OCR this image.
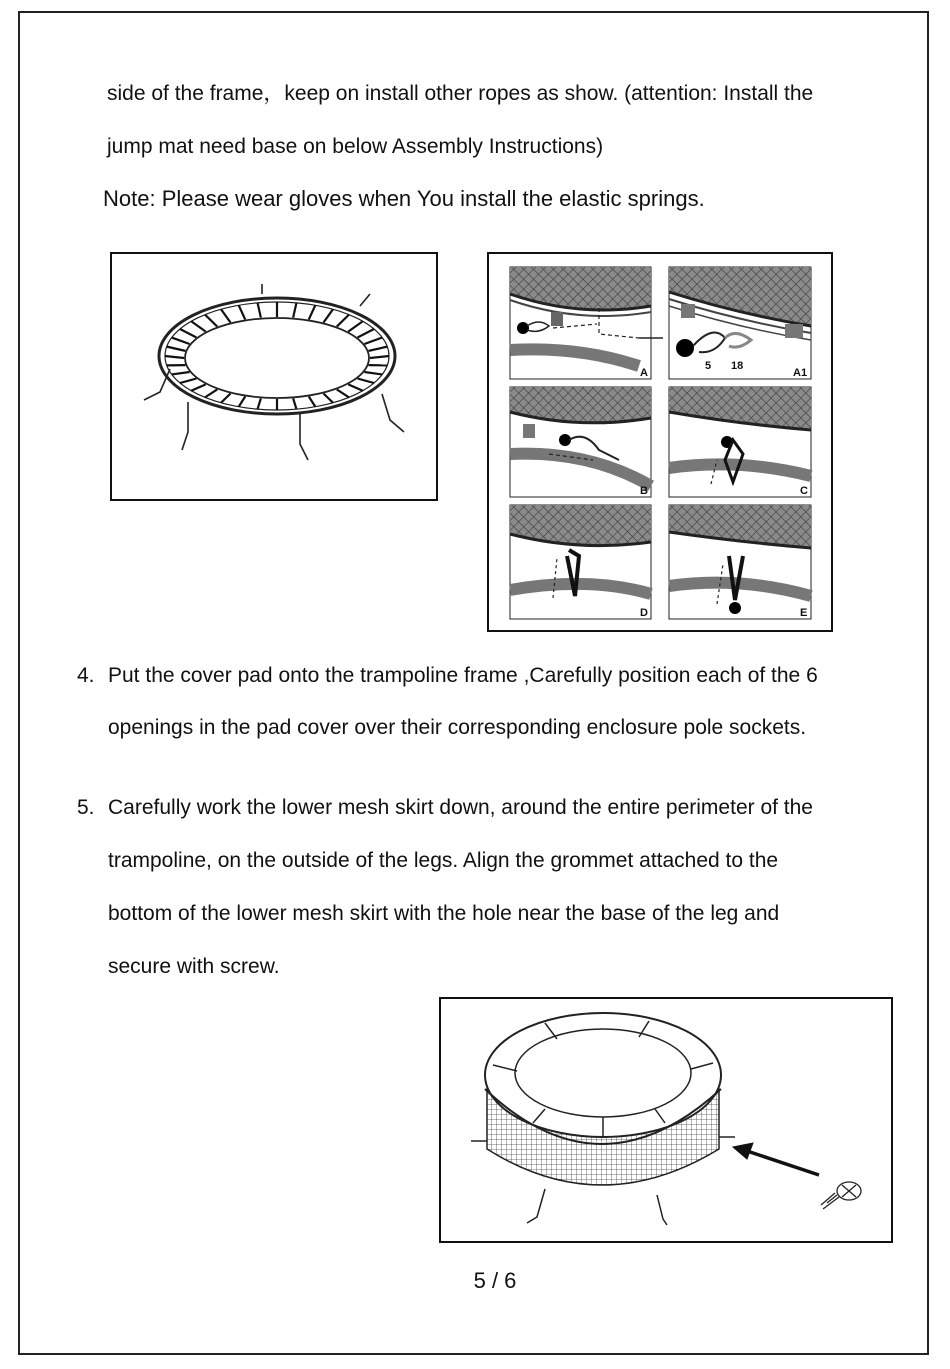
side of the frame，keep on install other ropes as show. (attention: Install the
jump mat need base on below Assembly Instructions)
Note: Please wear gloves when You install the elastic springs.
5 18
A	A1
B	C
D	E
4. Put the cover pad onto the trampoline frame ,Carefully position each of the 6
openings in the pad cover over their corresponding enclosure pole sockets.
5. Carefully work the lower mesh skirt down, around the entire perimeter of the
trampoline, on the outside of the legs. Align the grommet attached to the
bottom of the lower mesh skirt with the hole near the base of the leg and
secure with screw.
5 / 6
